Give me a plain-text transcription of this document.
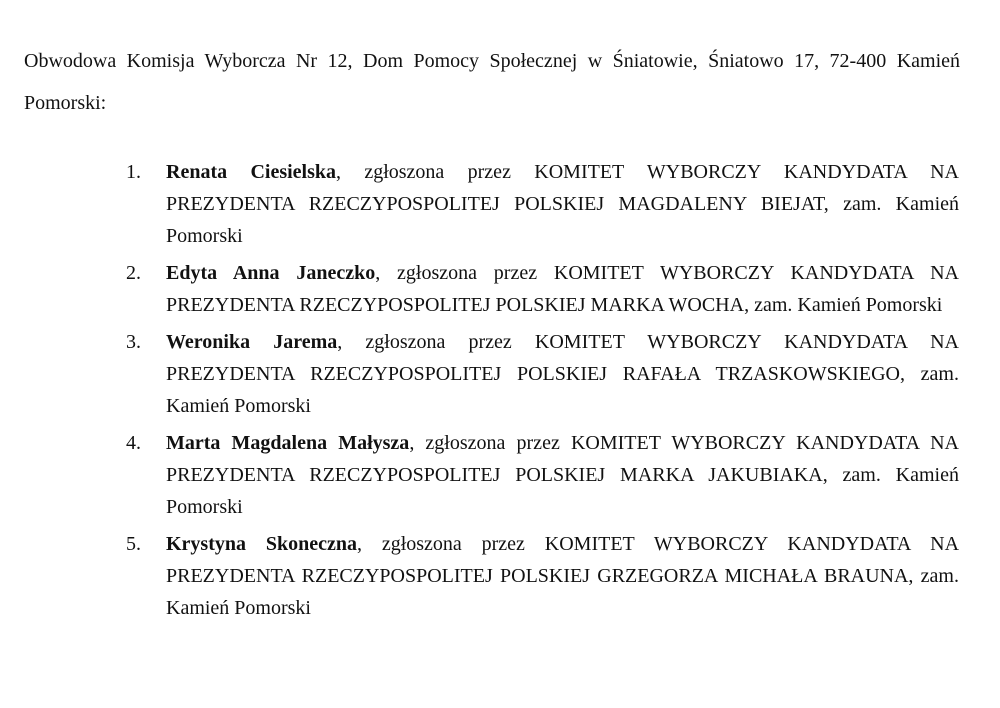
Obwodowa Komisja Wyborcza Nr 12, Dom Pomocy Społecznej w Śniatowie, Śniatowo 17, 72-400 Kamień Pomorski:

1. Renata Ciesielska, zgłoszona przez KOMITET WYBORCZY KANDYDATA NA PREZYDENTA RZECZYPOSPOLITEJ POLSKIEJ MAGDALENY BIEJAT, zam. Kamień Pomorski
2. Edyta Anna Janeczko, zgłoszona przez KOMITET WYBORCZY KANDYDATA NA PREZYDENTA RZECZYPOSPOLITEJ POLSKIEJ MARKA WOCHA, zam. Kamień Pomorski
3. Weronika Jarema, zgłoszona przez KOMITET WYBORCZY KANDYDATA NA PREZYDENTA RZECZYPOSPOLITEJ POLSKIEJ RAFAŁA TRZASKOWSKIEGO, zam. Kamień Pomorski
4. Marta Magdalena Małysza, zgłoszona przez KOMITET WYBORCZY KANDYDATA NA PREZYDENTA RZECZYPOSPOLITEJ POLSKIEJ MARKA JAKUBIAKA, zam. Kamień Pomorski
5. Krystyna Skoneczna, zgłoszona przez KOMITET WYBORCZY KANDYDATA NA PREZYDENTA RZECZYPOSPOLITEJ POLSKIEJ GRZEGORZA MICHAŁA BRAUNA, zam. Kamień Pomorski
